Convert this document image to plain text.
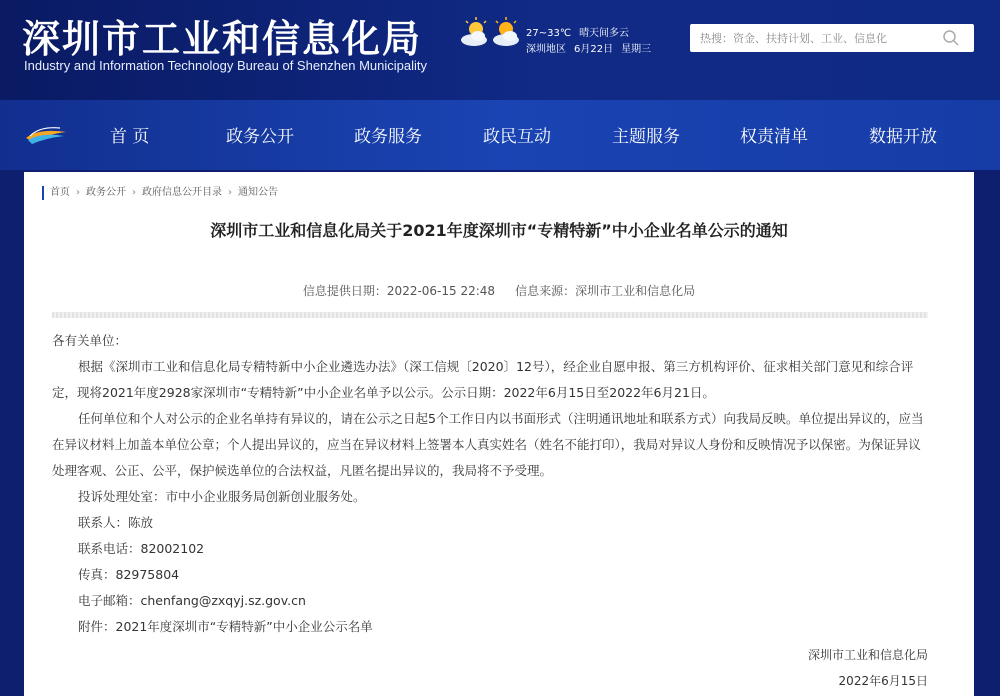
深圳市工业和信息化局
Industry and Information Technology Bureau of Shenzhen Municipality
27~33℃ 晴天间多云
深圳地区 6月22日 星期三
热搜：资金、扶持计划、工业、信息化
首 页	政务公开	政务服务	政民互动	主题服务	权责清单	数据开放
首页 › 政务公开 › 政府信息公开目录 › 通知公告
深圳市工业和信息化局关于2021年度深圳市“专精特新”中小企业名单公示的通知
信息提供日期：2022-06-15 22:48 信息来源：深圳市工业和信息化局

各有关单位：

根据《深圳市工业和信息化局专精特新中小企业遴选办法》（深工信规〔2020〕12号），经企业自愿申报、第三方机构评价、征求相关部门意见和综合评定，现将2021年度2928家深圳市“专精特新”中小企业名单予以公示。公示日期：2022年6月15日至2022年6月21日。

任何单位和个人对公示的企业名单持有异议的，请在公示之日起5个工作日内以书面形式（注明通讯地址和联系方式）向我局反映。单位提出异议的，应当在异议材料上加盖本单位公章；个人提出异议的，应当在异议材料上签署本人真实姓名（姓名不能打印），我局对异议人身份和反映情况予以保密。为保证异议处理客观、公正、公平，保护候选单位的合法权益，凡匿名提出异议的，我局将不予受理。

投诉处理处室：市中小企业服务局创新创业服务处。

联系人：陈放

联系电话：82002102

传真：82975804

电子邮箱：chenfang@zxqyj.sz.gov.cn

附件：2021年度深圳市“专精特新”中小企业公示名单

深圳市工业和信息化局
2022年6月15日
